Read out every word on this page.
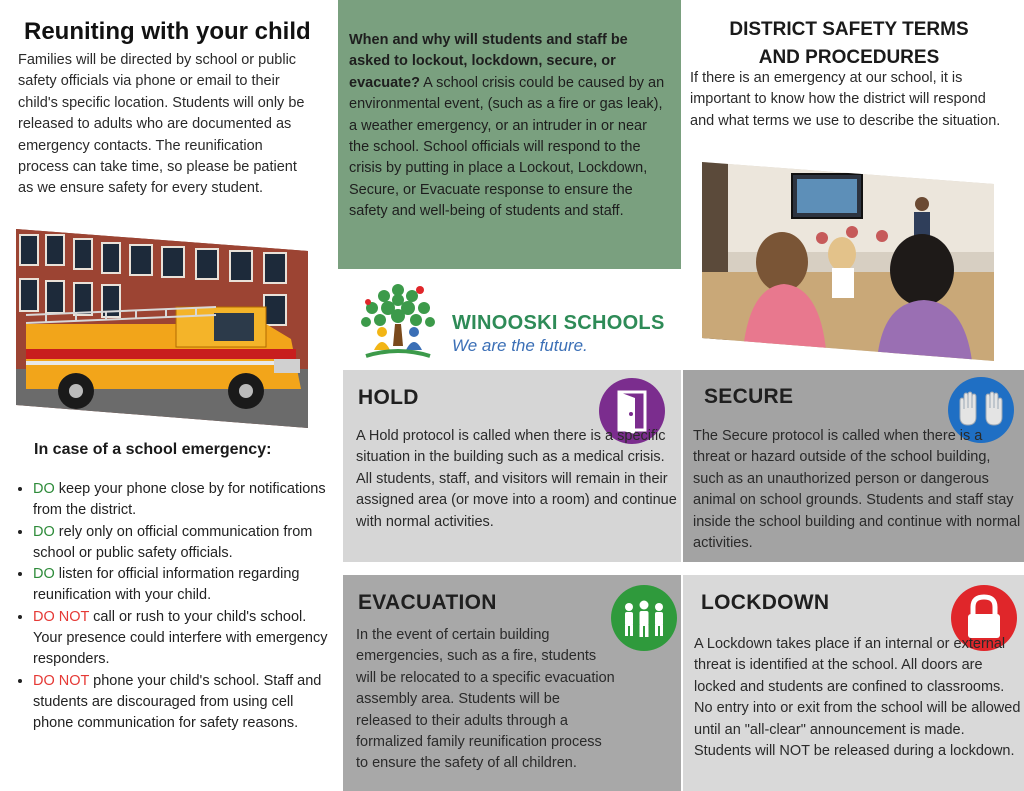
Reuniting with your child
Families will be directed by school or public safety officials via phone or email to their child's specific location. Students will only be released to adults who are documented as emergency contacts. The reunification process can take time, so please be patient as we ensure safety for every student.
In case of a school emergency:
• DO keep your phone close by for notifications from the district.
• DO rely only on official communication from school or public safety officials.
• DO listen for official information regarding reunification with your child.
• DO NOT call or rush to your child's school. Your presence could interfere with emergency responders.
• DO NOT phone your child's school. Staff and students are discouraged from using cell phone communication for safety reasons.
When and why will students and staff be asked to lockout, lockdown, secure, or evacuate? A school crisis could be caused by an environmental event, (such as a fire or gas leak), a weather emergency, or an intruder in or near the school. School officials will respond to the crisis by putting in place a Lockout, Lockdown, Secure, or Evacuate response to ensure the safety and well-being of students and staff.
WINOOSKI SCHOOLS
We are the future.
HOLD
A Hold protocol is called when there is a specific situation in the building such as a medical crisis. All students, staff, and visitors will remain in their assigned area (or move into a room) and continue with normal activities.
EVACUATION
In the event of certain building emergencies, such as a fire, students will be relocated to a specific evacuation assembly area. Students will be released to their adults through a formalized family reunification process to ensure the safety of all children.
DISTRICT SAFETY TERMS
AND PROCEDURES
If there is an emergency at our school, it is important to know how the district will respond and what terms we use to describe the situation.
SECURE
The Secure protocol is called when there is a threat or hazard outside of the school building, such as an unauthorized person or dangerous animal on school grounds. Students and staff stay inside the school building and continue with normal activities.
LOCKDOWN
A Lockdown takes place if an internal or external threat is identified at the school. All doors are locked and students are confined to classrooms. No entry into or exit from the school will be allowed until an "all-clear" announcement is made. Students will NOT be released during a lockdown.
